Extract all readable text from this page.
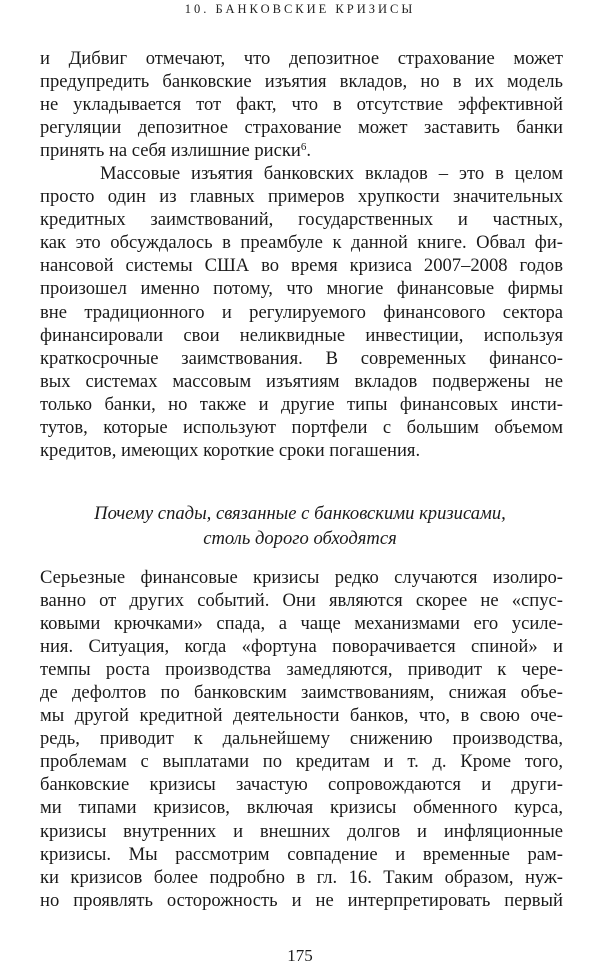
10. БАНКОВСКИЕ КРИЗИСЫ
и Дибвиг отмечают, что депозитное страхование может
предупредить банковские изъятия вкладов, но в их модель
не укладывается тот факт, что в отсутствие эффективной
регуляции депозитное страхование может заставить банки
принять на себя излишние риски$^6$.
Массовые изъятия банковских вкладов – это в целом
просто один из главных примеров хрупкости значительных
кредитных заимствований, государственных и частных,
как это обсуждалось в преамбуле к данной книге. Обвал фи-
нансовой системы США во время кризиса 2007–2008 годов
произошел именно потому, что многие финансовые фирмы
вне традиционного и регулируемого финансового сектора
финансировали свои неликвидные инвестиции, используя
краткосрочные заимствования. В современных финансо-
вых системах массовым изъятиям вкладов подвержены не
только банки, но также и другие типы финансовых инсти-
тутов, которые используют портфели с большим объемом
кредитов, имеющих короткие сроки погашения.
Почему спады, связанные с банковскими кризисами,
столь дорого обходятся
Серьезные финансовые кризисы редко случаются изолиро-
ванно от других событий. Они являются скорее не «спус-
ковыми крючками» спада, а чаще механизмами его усиле-
ния. Ситуация, когда «фортуна поворачивается спиной» и
темпы роста производства замедляются, приводит к чере-
де дефолтов по банковским заимствованиям, снижая объе-
мы другой кредитной деятельности банков, что, в свою оче-
редь, приводит к дальнейшему снижению производства,
проблемам с выплатами по кредитам и т. д. Кроме того,
банковские кризисы зачастую сопровождаются и други-
ми типами кризисов, включая кризисы обменного курса,
кризисы внутренних и внешних долгов и инфляционные
кризисы. Мы рассмотрим совпадение и временные рам-
ки кризисов более подробно в гл. 16. Таким образом, нуж-
но проявлять осторожность и не интерпретировать первый
175
